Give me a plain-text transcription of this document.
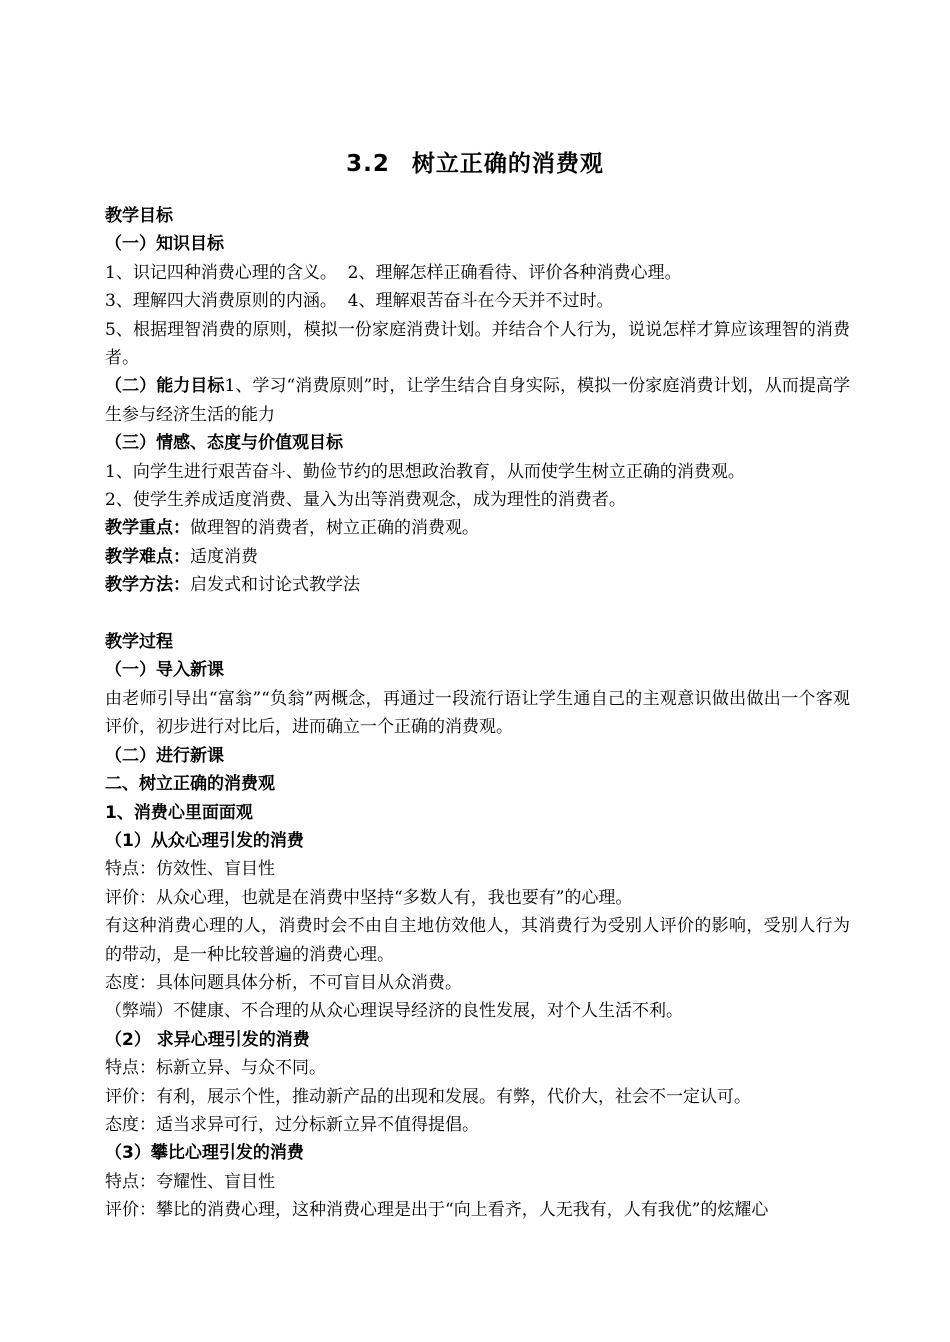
3.2 树立正确的消费观

教学目标

（一）知识目标

1、识记四种消费心理的含义。  2、理解怎样正确看待、评价各种消费心理。

3、理解四大消费原则的内涵。  4、理解艰苦奋斗在今天并不过时。

5、根据理智消费的原则，模拟一份家庭消费计划。并结合个人行为，说说怎样才算应该理智的消费者。

（二）能力目标1、学习“消费原则”时，让学生结合自身实际，模拟一份家庭消费计划，从而提高学生参与经济生活的能力

（三）情感、态度与价值观目标

1、向学生进行艰苦奋斗、勤俭节约的思想政治教育，从而使学生树立正确的消费观。

2、使学生养成适度消费、量入为出等消费观念，成为理性的消费者。

教学重点：做理智的消费者，树立正确的消费观。

教学难点：适度消费

教学方法：启发式和讨论式教学法

教学过程

（一）导入新课

由老师引导出“富翁”“负翁”两概念，再通过一段流行语让学生通自己的主观意识做出做出一个客观评价，初步进行对比后，进而确立一个正确的消费观。

（二）进行新课

二、树立正确的消费观

1、消费心里面面观

（1）从众心理引发的消费

特点：仿效性、盲目性

评价：从众心理，也就是在消费中坚持“多数人有，我也要有”的心理。

有这种消费心理的人，消费时会不由自主地仿效他人，其消费行为受别人评价的影响，受别人行为的带动，是一种比较普遍的消费心理。

态度：具体问题具体分析，不可盲目从众消费。

（弊端）不健康、不合理的从众心理误导经济的良性发展，对个人生活不利。

（2） 求异心理引发的消费

特点：标新立异、与众不同。

评价：有利，展示个性，推动新产品的出现和发展。有弊，代价大，社会不一定认可。

态度：适当求异可行，过分标新立异不值得提倡。

（3）攀比心理引发的消费

特点：夸耀性、盲目性

评价：攀比的消费心理，这种消费心理是出于“向上看齐，人无我有，人有我优”的炫耀心
